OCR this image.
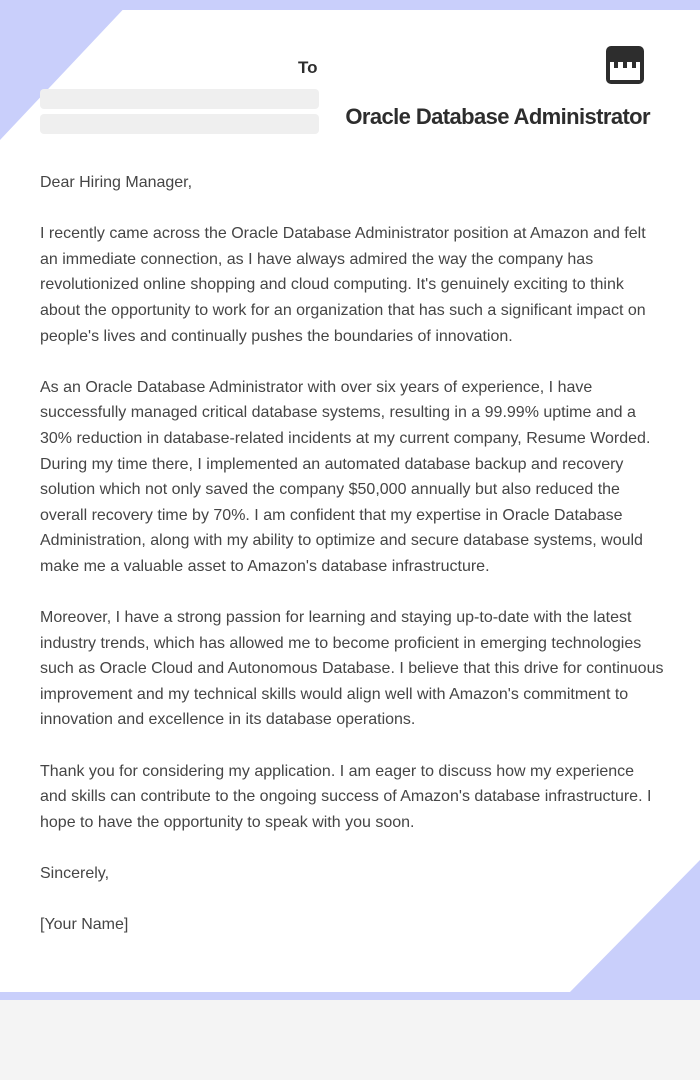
To
Oracle Database Administrator

Dear Hiring Manager,

I recently came across the Oracle Database Administrator position at Amazon and felt an immediate connection, as I have always admired the way the company has revolutionized online shopping and cloud computing. It's genuinely exciting to think about the opportunity to work for an organization that has such a significant impact on people's lives and continually pushes the boundaries of innovation.

As an Oracle Database Administrator with over six years of experience, I have successfully managed critical database systems, resulting in a 99.99% uptime and a 30% reduction in database-related incidents at my current company, Resume Worded. During my time there, I implemented an automated database backup and recovery solution which not only saved the company $50,000 annually but also reduced the overall recovery time by 70%. I am confident that my expertise in Oracle Database Administration, along with my ability to optimize and secure database systems, would make me a valuable asset to Amazon's database infrastructure.

Moreover, I have a strong passion for learning and staying up-to-date with the latest industry trends, which has allowed me to become proficient in emerging technologies such as Oracle Cloud and Autonomous Database. I believe that this drive for continuous improvement and my technical skills would align well with Amazon's commitment to innovation and excellence in its database operations.

Thank you for considering my application. I am eager to discuss how my experience and skills can contribute to the ongoing success of Amazon's database infrastructure. I hope to have the opportunity to speak with you soon.

Sincerely,

[Your Name]
